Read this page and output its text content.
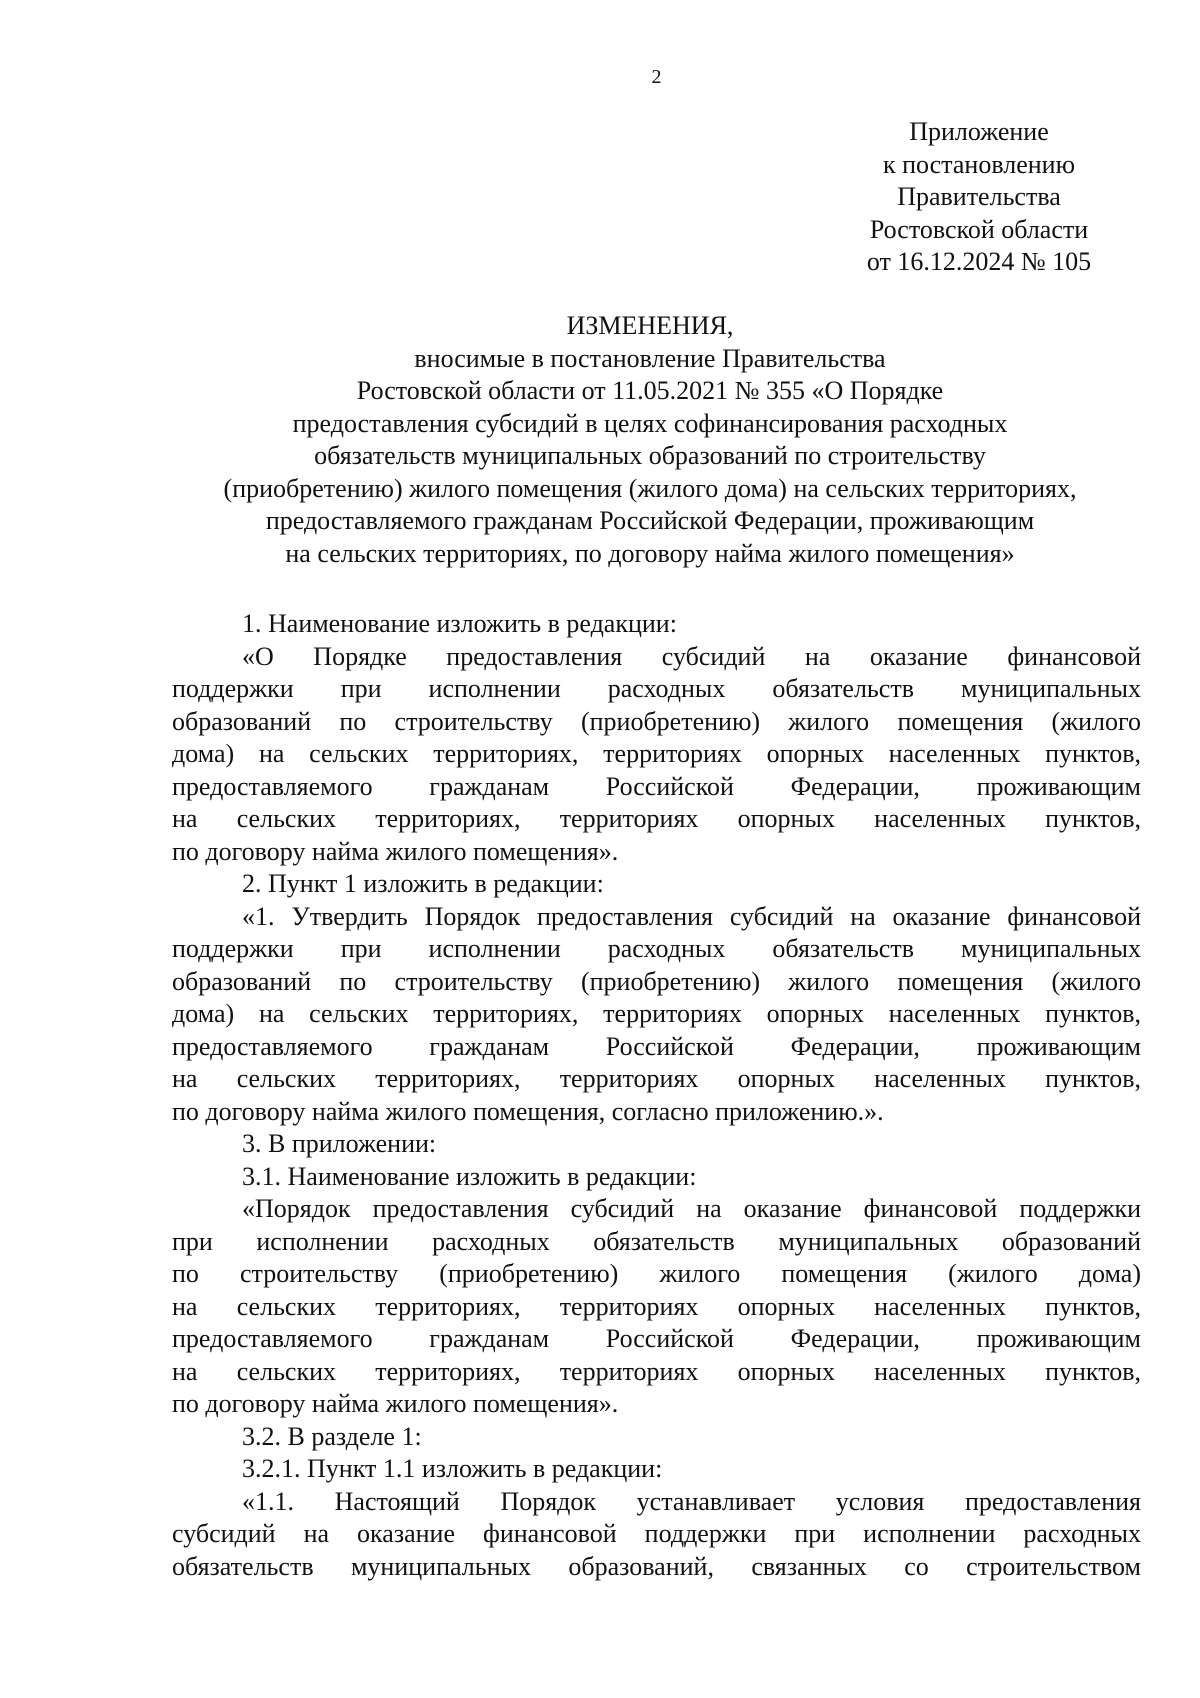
2
Приложение
к постановлению
Правительства
Ростовской области
от 16.12.2024 № 105
ИЗМЕНЕНИЯ,
вносимые в постановление Правительства
Ростовской области от 11.05.2021 № 355 «О Порядке
предоставления субсидий в целях софинансирования расходных
обязательств муниципальных образований по строительству
(приобретению) жилого помещения (жилого дома) на сельских территориях,
предоставляемого гражданам Российской Федерации, проживающим
на сельских территориях, по договору найма жилого помещения»

1. Наименование изложить в редакции:

«О Порядке предоставления субсидий на оказание финансовой

поддержки при исполнении расходных обязательств муниципальных

образований по строительству (приобретению) жилого помещения (жилого

дома) на сельских территориях, территориях опорных населенных пунктов,

предоставляемого гражданам Российской Федерации, проживающим

на сельских территориях, территориях опорных населенных пунктов,

по договору найма жилого помещения».

2. Пункт 1 изложить в редакции:

«1. Утвердить Порядок предоставления субсидий на оказание финансовой

поддержки при исполнении расходных обязательств муниципальных

образований по строительству (приобретению) жилого помещения (жилого

дома) на сельских территориях, территориях опорных населенных пунктов,

предоставляемого гражданам Российской Федерации, проживающим

на сельских территориях, территориях опорных населенных пунктов,

по договору найма жилого помещения, согласно приложению.».

3. В приложении:

3.1. Наименование изложить в редакции:

«Порядок предоставления субсидий на оказание финансовой поддержки

при исполнении расходных обязательств муниципальных образований

по строительству (приобретению) жилого помещения (жилого дома)

на сельских территориях, территориях опорных населенных пунктов,

предоставляемого гражданам Российской Федерации, проживающим

на сельских территориях, территориях опорных населенных пунктов,

по договору найма жилого помещения».

3.2. В разделе 1:

3.2.1. Пункт 1.1 изложить в редакции:

«1.1. Настоящий Порядок устанавливает условия предоставления

субсидий на оказание финансовой поддержки при исполнении расходных

обязательств муниципальных образований, связанных со строительством
